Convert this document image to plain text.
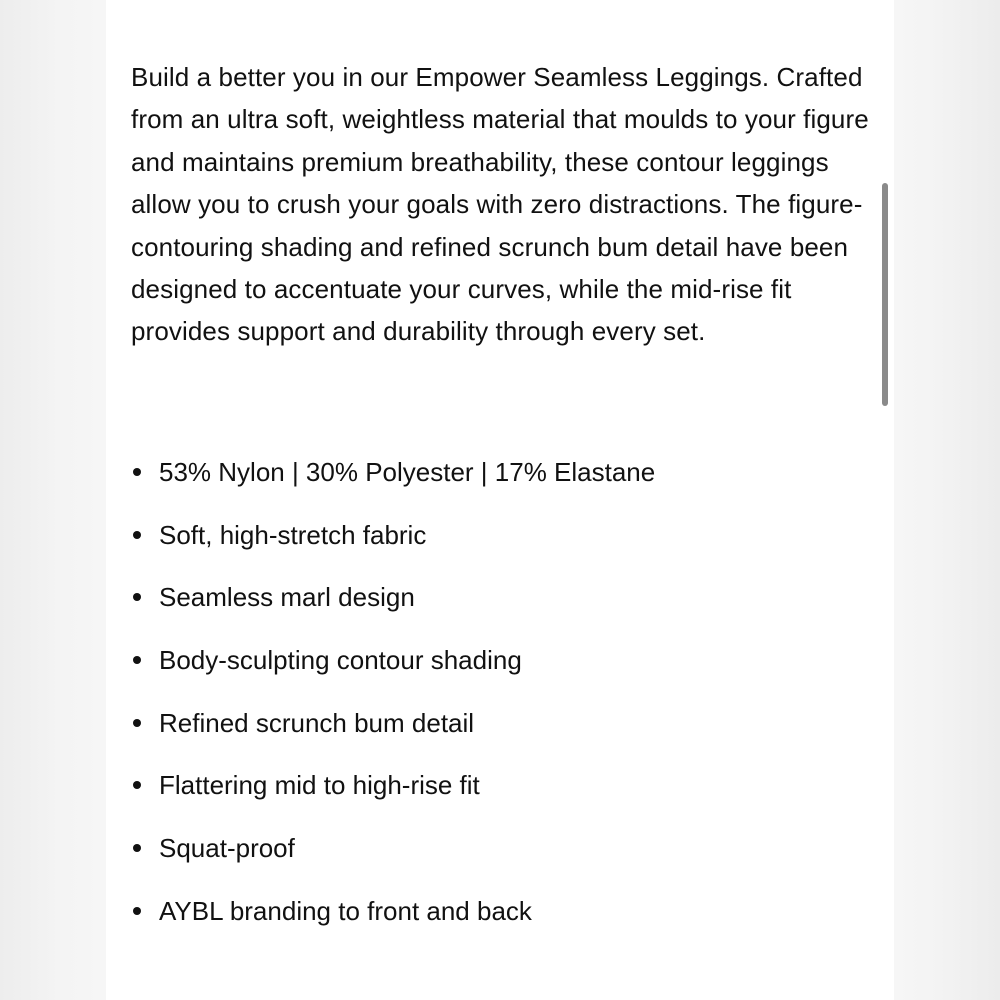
Build a better you in our Empower Seamless Leggings. Crafted from an ultra soft, weightless material that moulds to your figure and maintains premium breathability, these contour leggings allow you to crush your goals with zero distractions. The figure-contouring shading and refined scrunch bum detail have been designed to accentuate your curves, while the mid-rise fit provides support and durability through every set.

53% Nylon | 30% Polyester | 17% Elastane
Soft, high-stretch fabric
Seamless marl design
Body-sculpting contour shading
Refined scrunch bum detail
Flattering mid to high-rise fit
Squat-proof
AYBL branding to front and back
